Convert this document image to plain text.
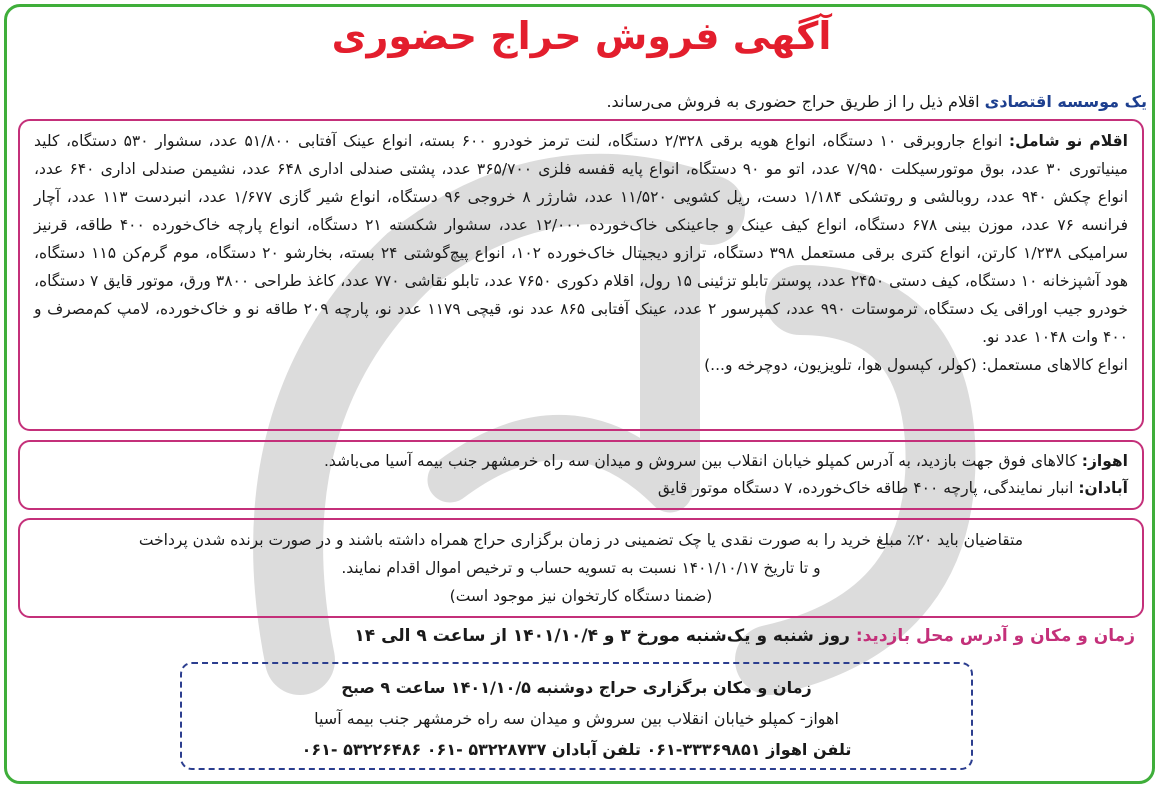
آگهی فروش حراج حضوری
یک موسسه اقتصادی اقلام ذیل را از طریق حراج حضوری به فروش می‌رساند.

اقلام نو شامل: انواع جاروبرقی ۱۰ دستگاه، انواع هویه برقی ۲/۳۲۸ دستگاه، لنت ترمز خودرو ۶۰۰ بسته، انواع عینک آفتابی ۵۱/۸۰۰ عدد، سشوار ۵۳۰ دستگاه، کلید مینیاتوری ۳۰ عدد، بوق موتورسیکلت ۷/۹۵۰ عدد، اتو مو ۹۰ دستگاه، انواع پایه قفسه فلزی ۳۶۵/۷۰۰ عدد، پشتی صندلی اداری ۶۴۸ عدد، نشیمن صندلی اداری ۶۴۰ عدد، انواع چکش ۹۴۰ عدد، روبالشی و روتشکی ۱/۱۸۴ دست، ریل کشویی ۱۱/۵۲۰ عدد، شارژر ۸ خروجی ۹۶ دستگاه، انواع شیر گازی ۱/۶۷۷ عدد، انبردست ۱۱۳ عدد، آچار فرانسه ۷۶ عدد، موزن بینی ۶۷۸ دستگاه، انواع کیف عینک و جاعینکی خاک‌خورده ۱۲/۰۰۰ عدد، سشوار شکسته ۲۱ دستگاه، انواع پارچه خاک‌خورده ۴۰۰ طاقه، قرنیز سرامیکی ۱/۲۳۸ کارتن، انواع کتری برقی مستعمل ۳۹۸ دستگاه، ترازو دیجیتال خاک‌خورده ۱۰۲، انواع پیچ‌گوشتی ۲۴ بسته، بخارشو ۲۰ دستگاه، موم گرم‌کن ۱۱۵ دستگاه، هود آشپزخانه ۱۰ دستگاه، کیف دستی ۲۴۵۰ عدد، پوستر تابلو تزئینی ۱۵ رول، اقلام دکوری ۷۶۵۰ عدد، تابلو نقاشی ۷۷۰ عدد، کاغذ طراحی ۳۸۰۰ ورق، موتور قایق ۷ دستگاه، خودرو جیب اوراقی یک دستگاه، ترموستات ۹۹۰ عدد، کمپرسور ۲ عدد، عینک آفتابی ۸۶۵ عدد نو، قیچی ۱۱۷۹ عدد نو، پارچه ۲۰۹ طاقه نو و خاک‌خورده، لامپ کم‌مصرف و ۴۰۰ وات ۱۰۴۸ عدد نو.

انواع کالاهای مستعمل: (کولر، کپسول هوا، تلویزیون، دوچرخه و...)

اهواز: کالاهای فوق جهت بازدید، به آدرس کمپلو خیابان انقلاب بین سروش و میدان سه راه خرمشهر جنب بیمه آسیا می‌باشد.

آبادان: انبار نمایندگی، پارچه ۴۰۰ طاقه خاک‌خورده، ۷ دستگاه موتور قایق

متقاضیان باید ۲۰٪ مبلغ خرید را به صورت نقدی یا چک تضمینی در زمان برگزاری حراج همراه داشته باشند و در صورت برنده شدن پرداخت

و تا تاریخ ۱۴۰۱/۱۰/۱۷ نسبت به تسویه حساب و ترخیص اموال اقدام نمایند.

(ضمنا دستگاه کارتخوان نیز موجود است)

زمان و مکان و آدرس محل بازدید: روز شنبه و یک‌شنبه مورخ ۳ و ۱۴۰۱/۱۰/۴ از ساعت ۹ الی ۱۴

زمان و مکان برگزاری حراج دوشنبه ۱۴۰۱/۱۰/۵ ساعت ۹ صبح

اهواز- کمپلو خیابان انقلاب بین سروش و میدان سه راه خرمشهر جنب بیمه آسیا

تلفن اهواز ۳۳۳۶۹۸۵۱-۰۶۱ تلفن آبادان ۵۳۲۲۸۷۳۷ -۰۶۱ ۵۳۲۲۶۴۸۶ -۰۶۱
